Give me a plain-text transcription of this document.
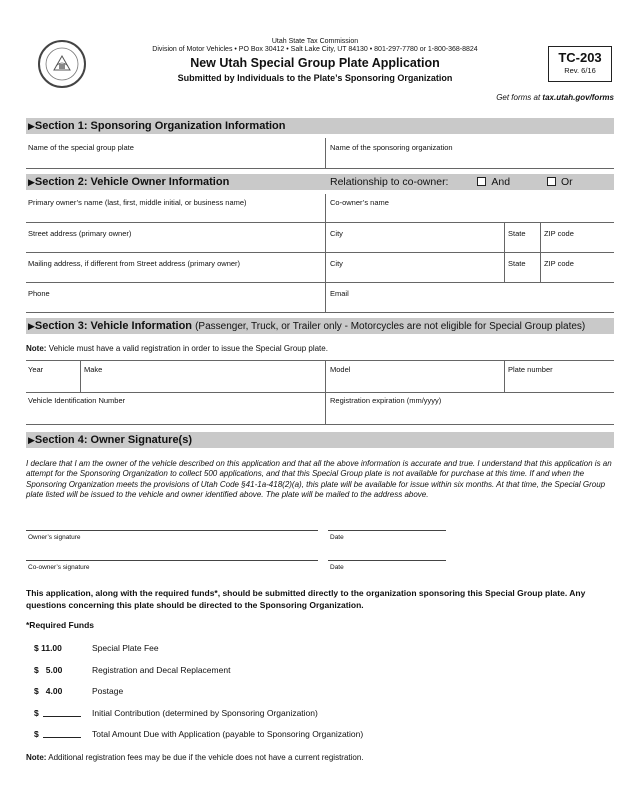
Utah State Tax Commission
Division of Motor Vehicles • PO Box 30412 • Salt Lake City, UT 84130 • 801-297-7780 or 1-800-368-8824
New Utah Special Group Plate Application
Submitted by Individuals to the Plate’s Sponsoring Organization
TC-203
Rev. 6/16
Get forms at tax.utah.gov/forms
▶Section 1: Sponsoring Organization Information
Name of the special group plate	Name of the sponsoring organization
▶Section 2: Vehicle Owner Information	Relationship to co-owner:	And	Or
Primary owner’s name (last, first, middle initial, or business name)	Co-owner’s name
Street address (primary owner)	City	State ZIP code
Mailing address, if different from Street address (primary owner)	City	State ZIP code
Phone	Email
▶Section 3: Vehicle Information (Passenger, Truck, or Trailer only - Motorcycles are not eligible for Special Group plates)
Note: Vehicle must have a valid registration in order to issue the Special Group plate.
Year	Make	Model	Plate number
Vehicle Identification Number	Registration expiration (mm/yyyy)
▶Section 4: Owner Signature(s)
I declare that I am the owner of the vehicle described on this application and that all the above information is accurate and true. I understand that this application is an attempt for the Sponsoring Organization to collect 500 applications, and that this Special Group plate is not available for purchase at this time. If and when the Sponsoring Organization meets the provisions of Utah Code §41-1a-418(2)(a), this plate will be available for issue within six months. At that time, the Special Group plate listed will be issued to the vehicle and owner identified above. The plate will be mailed to the address above.
Owner’s signature	Date
Co-owner’s signature	Date
This application, along with the required funds*, should be submitted directly to the organization sponsoring this Special Group plate. Any questions concerning this plate should be directed to the Sponsoring Organization.
*Required Funds
$ 11.00	Special Plate Fee
$   5.00	Registration and Decal Replacement
$   4.00	Postage
$	Initial Contribution (determined by Sponsoring Organization)
$	Total Amount Due with Application (payable to Sponsoring Organization)
Note: Additional registration fees may be due if the vehicle does not have a current registration.
